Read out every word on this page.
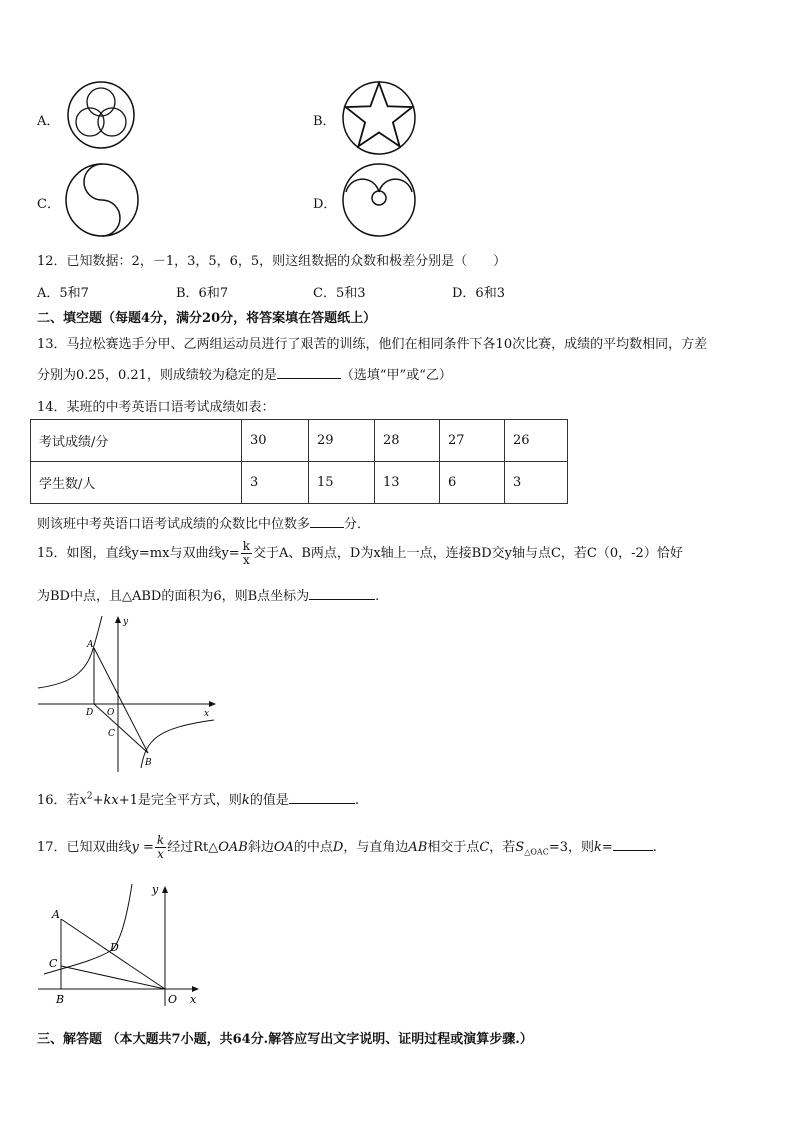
A．	B．
C．	D．
12．已知数据：2，－1，3，5，6，5，则这组数据的众数和极差分别是（　　）
A．5和7	B．6和7	C．5和3	D．6和3
二、填空题（每题4分，满分20分，将答案填在答题纸上）
13．马拉松赛选手分甲、乙两组运动员进行了艰苦的训练，他们在相同条件下各10次比赛，成绩的平均数相同，方差
分别为0.25，0.21，则成绩较为稳定的是	（选填“甲”或“乙）
14．某班的中考英语口语考试成绩如表：
考试成绩/分	30	29	28	27	26
学生数/人	3	15	13	6	3
则该班中考英语口语考试成绩的众数比中位数多	分．
15．如图，直线y=mx与双曲线$y= \frac{k}{x}$ 交于A、B两点，D为x轴上一点，连接BD交y轴与点C，若C（0，-2）恰好
为BD中点，且△ABD的面积为6，则B点坐标为	.
A
D O
C
B
x
y
16．若$x^2+kx+1$是完全平方式，则k的值是	.
17．已知双曲线$y = \frac{k}{x}$ 经过Rt△OAB斜边OA的中点D，与直角边AB相交于点C，若$S_{\triangle OAC}=3$，则k=	.
A
C
D
B	O x
y
三、解答题 （本大题共7小题，共64分.解答应写出文字说明、证明过程或演算步骤.）
